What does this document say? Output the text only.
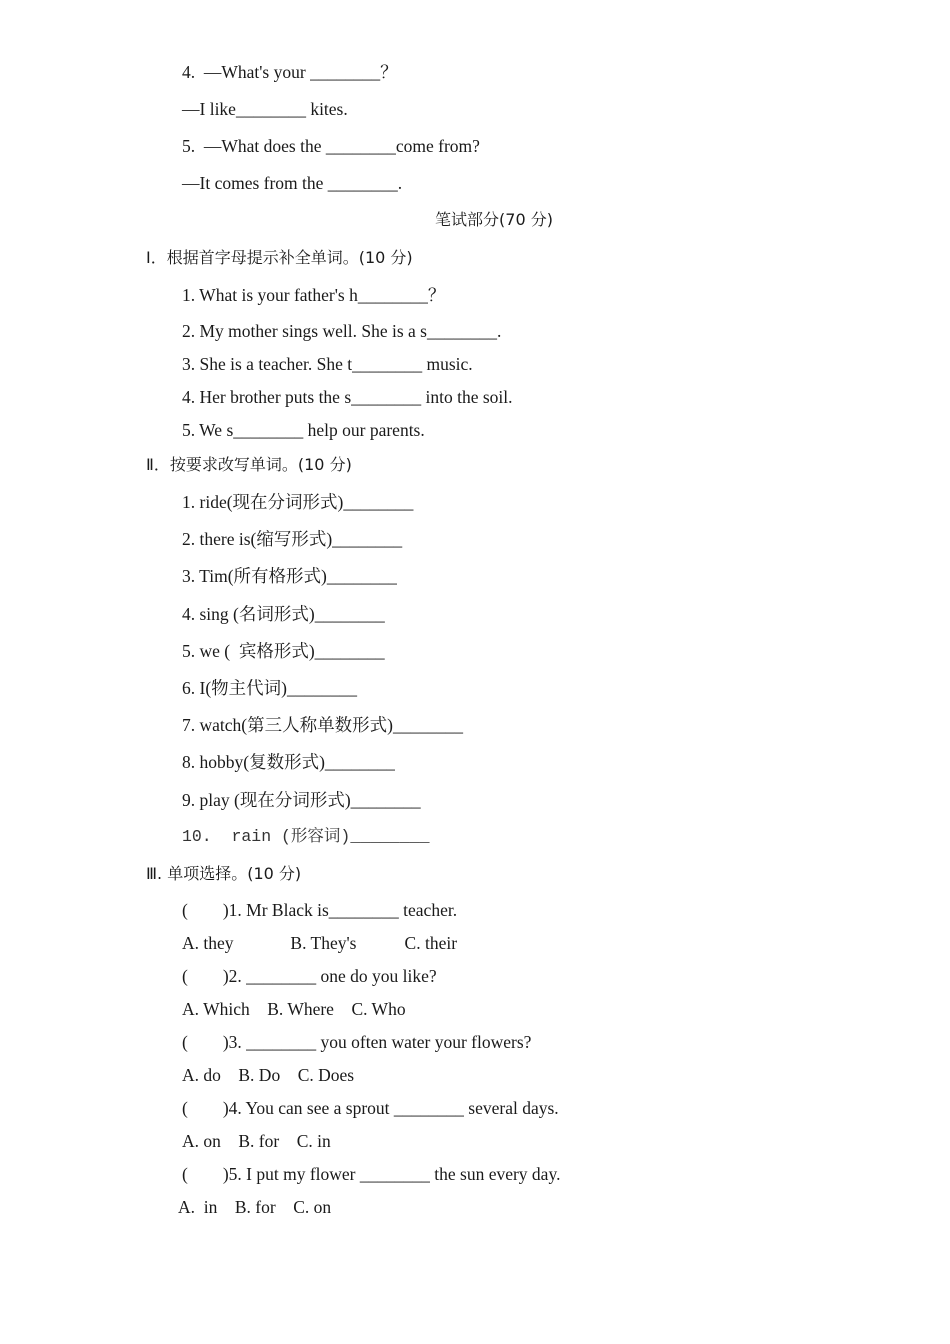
4.  —What's your ________？
—I like________ kites.
5.  —What does the ________come from?
—It comes from the ________.
笔试部分(70 分)
Ⅰ．根据首字母提示补全单词。(10 分)
1. What is your father's h________？
2. My mother sings well. She is a s________.
3. She is a teacher. She t________ music.
4. Her brother puts the s________ into the soil.
5. We s________ help our parents.
Ⅱ．按要求改写单词。(10 分)
1. ride(现在分词形式)________
2. there is(缩写形式)________
3. Tim(所有格形式)________
4. sing (名词形式)________
5. we (  宾格形式)________
6. I(物主代词)________
7. watch(第三人称单数形式)________
8. hobby(复数形式)________
9. play (现在分词形式)________
10.  rain (形容词)________
Ⅲ. 单项选择。(10 分)
(        )1. Mr Black is________ teacher.
A. they             B. They's           C. their
(        )2. ________ one do you like?
A. Which    B. Where    C. Who
(        )3. ________ you often water your flowers?
A. do    B. Do    C. Does
(        )4. You can see a sprout ________ several days.
A. on    B. for    C. in
(        )5. I put my flower ________ the sun every day.
A.  in    B. for    C. on
